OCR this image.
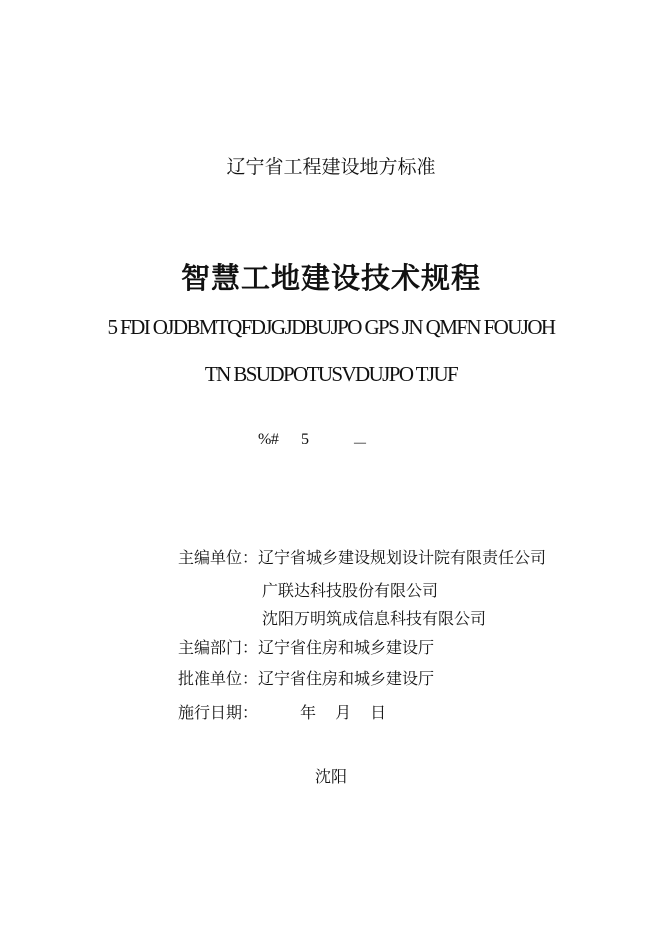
辽宁省工程建设地方标准
智慧工地建设技术规程
5 FDI OJDBMTQFDJGJDBUJPO GPS JN QMFN FOUJOH
TN BSUDPOTUSVDUJPO TJUF
%# 5	－
主编单位：辽宁省城乡建设规划设计院有限责任公司
广联达科技股份有限公司
沈阳万明筑成信息科技有限公司
主编部门：辽宁省住房和城乡建设厅
批准单位：辽宁省住房和城乡建设厅
施行日期：	年 月 日
沈阳
